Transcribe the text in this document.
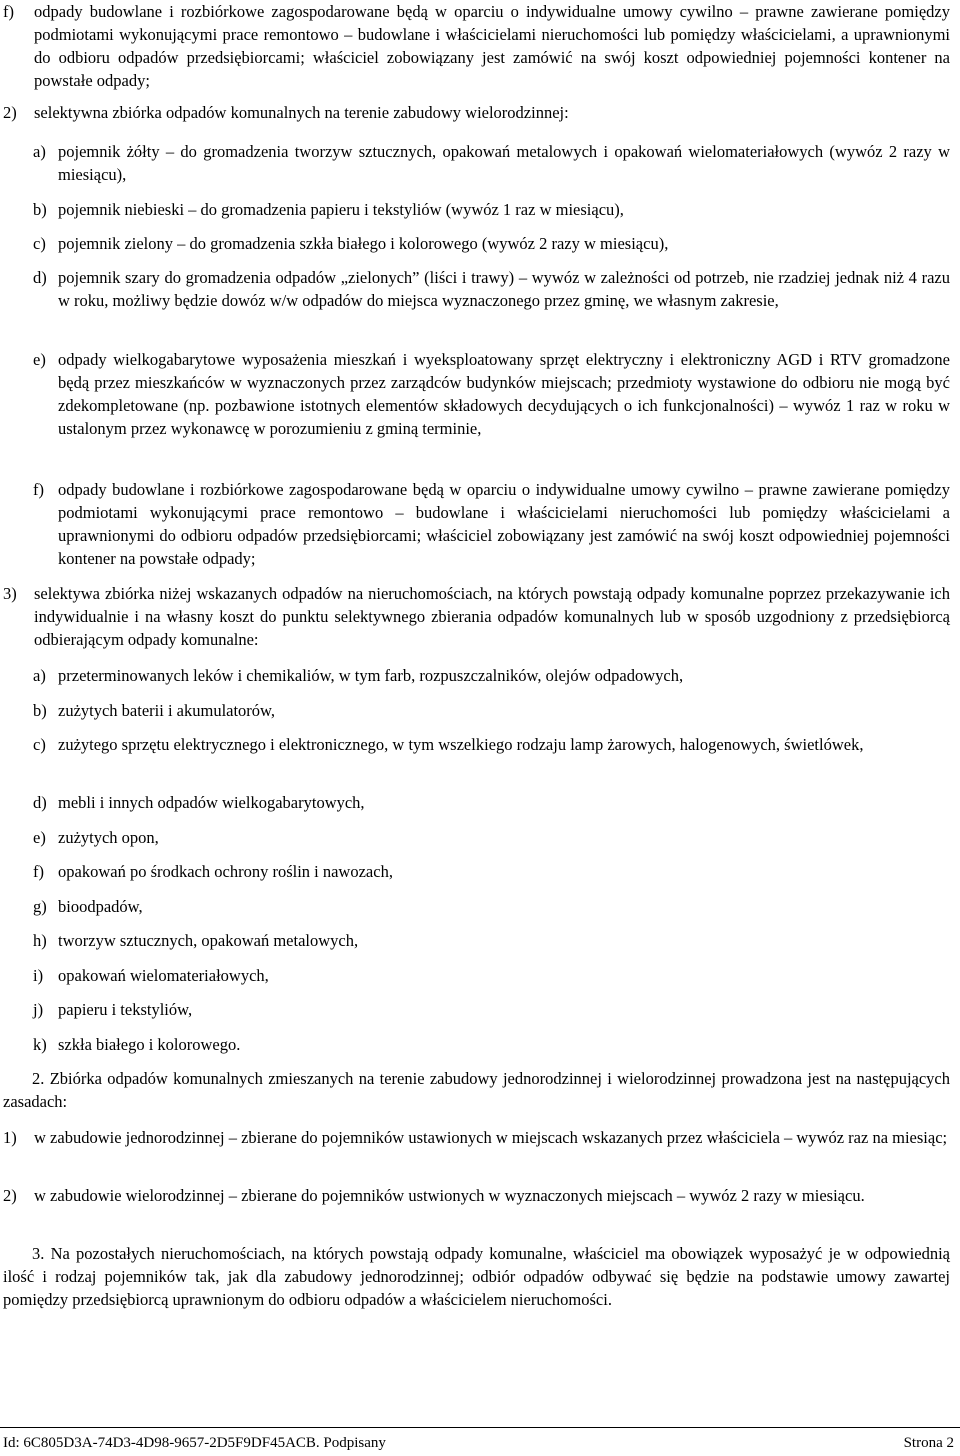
f)	odpady budowlane i rozbiórkowe zagospodarowane będą w oparciu o indywidualne umowy cywilno – prawne zawierane pomiędzy podmiotami wykonującymi prace remontowo – budowlane i właścicielami nieruchomości lub pomiędzy właścicielami, a uprawnionymi do odbioru odpadów przedsiębiorcami; właściciel zobowiązany jest zamówić na swój koszt odpowiedniej pojemności kontener na powstałe odpady;
2)	selektywna zbiórka odpadów komunalnych na terenie zabudowy wielorodzinnej:
a) pojemnik żółty – do gromadzenia tworzyw sztucznych, opakowań metalowych i opakowań wielomateriałowych (wywóz 2 razy w miesiącu),
b) pojemnik niebieski – do gromadzenia papieru i tekstyliów (wywóz 1 raz w miesiącu),
c) pojemnik zielony – do gromadzenia szkła białego i kolorowego (wywóz 2 razy w miesiącu),
d) pojemnik szary do gromadzenia odpadów „zielonych” (liści i trawy) – wywóz w zależności od potrzeb, nie rzadziej jednak niż 4 razu w roku, możliwy będzie dowóz w/w odpadów do miejsca wyznaczonego przez gminę, we własnym zakresie,
e) odpady wielkogabarytowe wyposażenia mieszkań i wyeksploatowany sprzęt elektryczny i elektroniczny AGD i RTV gromadzone będą przez mieszkańców w wyznaczonych przez zarządców budynków miejscach; przedmioty wystawione do odbioru nie mogą być zdekompletowane (np. pozbawione istotnych elementów składowych decydujących o ich funkcjonalności) – wywóz 1 raz w roku w ustalonym przez wykonawcę w porozumieniu z gminą terminie,
f) odpady budowlane i rozbiórkowe zagospodarowane będą w oparciu o indywidualne umowy cywilno – prawne zawierane pomiędzy podmiotami wykonującymi prace remontowo – budowlane i właścicielami nieruchomości lub pomiędzy właścicielami a uprawnionymi do odbioru odpadów przedsiębiorcami; właściciel zobowiązany jest zamówić na swój koszt odpowiedniej pojemności kontener na powstałe odpady;
3)	selektywa zbiórka niżej wskazanych odpadów na nieruchomościach, na których powstają odpady komunalne poprzez przekazywanie ich indywidualnie i na własny koszt do punktu selektywnego zbierania odpadów komunalnych lub w sposób uzgodniony z przedsiębiorcą odbierającym odpady komunalne:
a) przeterminowanych leków i chemikaliów, w tym farb, rozpuszczalników, olejów odpadowych,
b) zużytych baterii i akumulatorów,
c) zużytego sprzętu elektrycznego i elektronicznego, w tym wszelkiego rodzaju lamp żarowych, halogenowych, świetlówek,
d) mebli i innych odpadów wielkogabarytowych,
e) zużytych opon,
f) opakowań po środkach ochrony roślin i nawozach,
g) bioodpadów,
h) tworzyw sztucznych, opakowań metalowych,
i) opakowań wielomateriałowych,
j) papieru i tekstyliów,
k) szkła białego i kolorowego.

2. Zbiórka odpadów komunalnych zmieszanych na terenie zabudowy jednorodzinnej i wielorodzinnej prowadzona jest na następujących zasadach:

1)	w zabudowie jednorodzinnej – zbierane do pojemników ustawionych w miejscach wskazanych przez właściciela – wywóz raz na miesiąc;
2)	w zabudowie wielorodzinnej – zbierane do pojemników ustwionych w wyznaczonych miejscach – wywóz 2 razy w miesiącu.

3. Na pozostałych nieruchomościach, na których powstają odpady komunalne, właściciel ma obowiązek wyposażyć je w odpowiednią ilość i rodzaj pojemników tak, jak dla zabudowy jednorodzinnej; odbiór odpadów odbywać się będzie na podstawie umowy zawartej pomiędzy przedsiębiorcą uprawnionym do odbioru odpadów a właścicielem nieruchomości.

Id: 6C805D3A-74D3-4D98-9657-2D5F9DF45ACB. Podpisany	Strona 2
